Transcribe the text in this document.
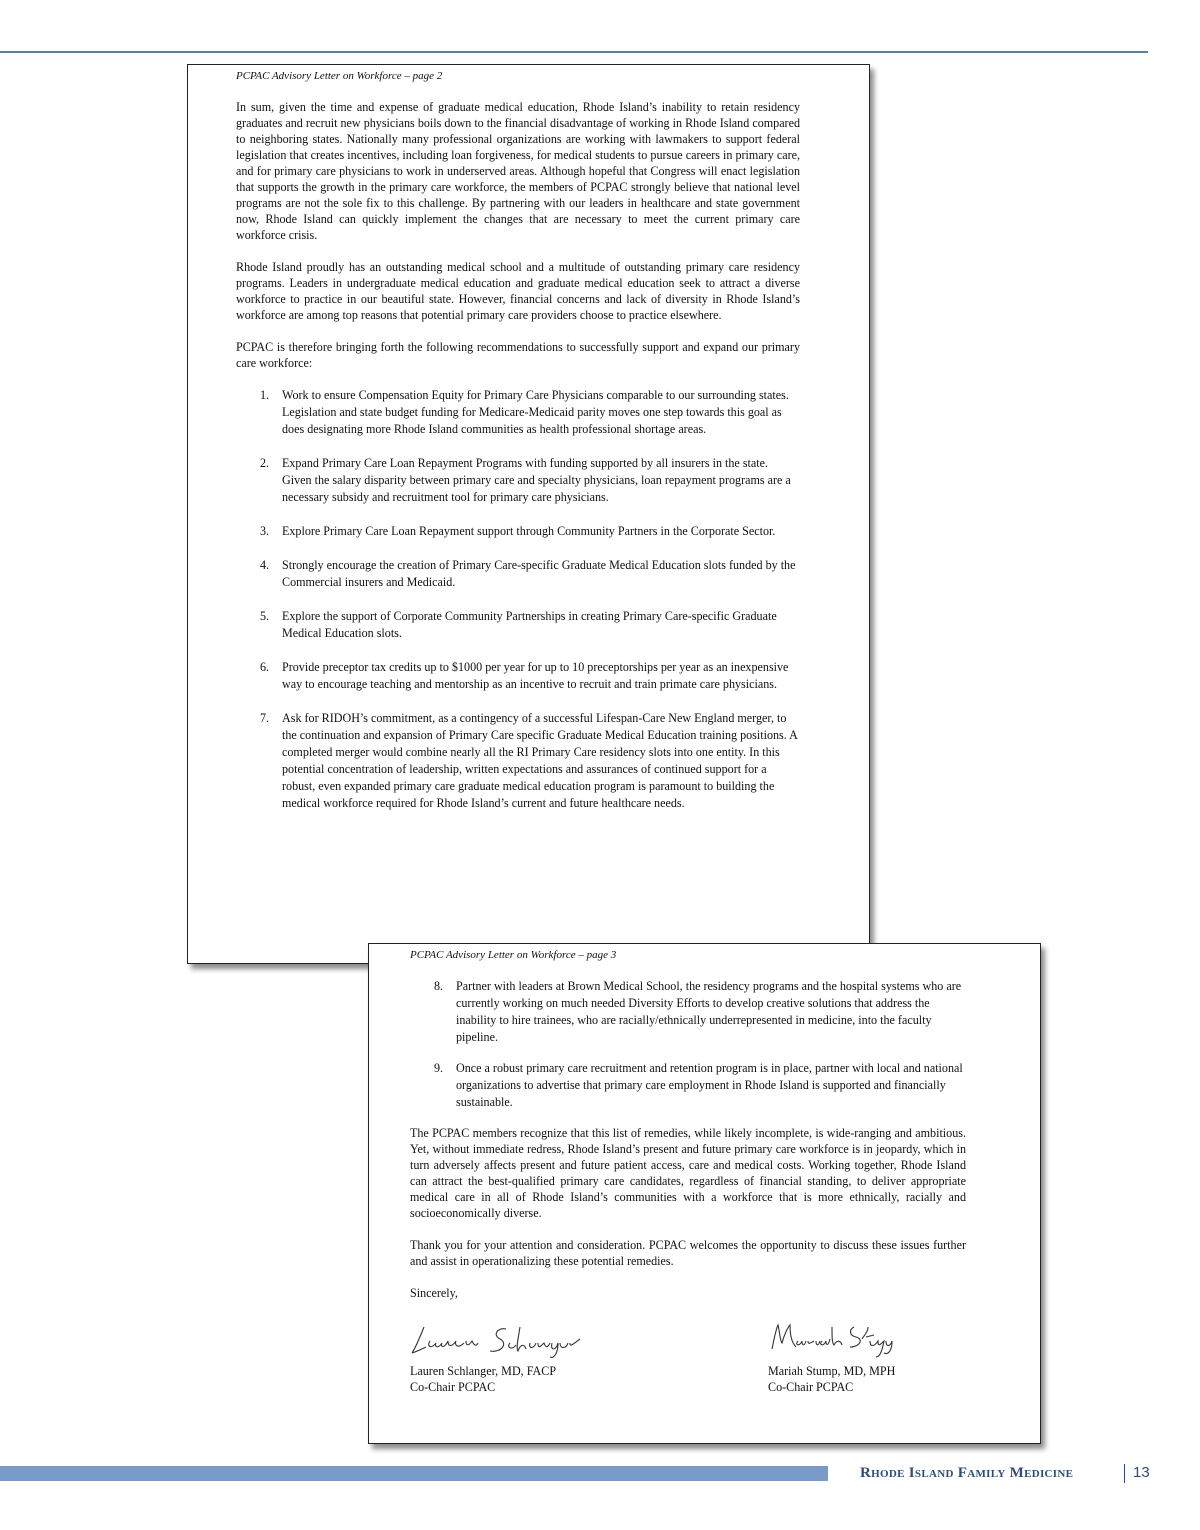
PCPAC Advisory Letter on Workforce – page 2

In sum, given the time and expense of graduate medical education, Rhode Island’s inability to retain residency graduates and recruit new physicians boils down to the financial disadvantage of working in Rhode Island compared to neighboring states. Nationally many professional organizations are working with lawmakers to support federal legislation that creates incentives, including loan forgiveness, for medical students to pursue careers in primary care, and for primary care physicians to work in underserved areas. Although hopeful that Congress will enact legislation that supports the growth in the primary care workforce, the members of PCPAC strongly believe that national level programs are not the sole fix to this challenge. By partnering with our leaders in healthcare and state government now, Rhode Island can quickly implement the changes that are necessary to meet the current primary care workforce crisis.

Rhode Island proudly has an outstanding medical school and a multitude of outstanding primary care residency programs. Leaders in undergraduate medical education and graduate medical education seek to attract a diverse workforce to practice in our beautiful state. However, financial concerns and lack of diversity in Rhode Island’s workforce are among top reasons that potential primary care providers choose to practice elsewhere.

PCPAC is therefore bringing forth the following recommendations to successfully support and expand our primary care workforce:

1. Work to ensure Compensation Equity for Primary Care Physicians comparable to our surrounding states. Legislation and state budget funding for Medicare-Medicaid parity moves one step towards this goal as does designating more Rhode Island communities as health professional shortage areas.
2. Expand Primary Care Loan Repayment Programs with funding supported by all insurers in the state. Given the salary disparity between primary care and specialty physicians, loan repayment programs are a necessary subsidy and recruitment tool for primary care physicians.
3. Explore Primary Care Loan Repayment support through Community Partners in the Corporate Sector.
4. Strongly encourage the creation of Primary Care-specific Graduate Medical Education slots funded by the Commercial insurers and Medicaid.
5. Explore the support of Corporate Community Partnerships in creating Primary Care-specific Graduate Medical Education slots.
6. Provide preceptor tax credits up to $1000 per year for up to 10 preceptorships per year as an inexpensive way to encourage teaching and mentorship as an incentive to recruit and train primate care physicians.
7. Ask for RIDOH’s commitment, as a contingency of a successful Lifespan-Care New England merger, to the continuation and expansion of Primary Care specific Graduate Medical Education training positions. A completed merger would combine nearly all the RI Primary Care residency slots into one entity. In this potential concentration of leadership, written expectations and assurances of continued support for a robust, even expanded primary care graduate medical education program is paramount to building the medical workforce required for Rhode Island’s current and future healthcare needs.
PCPAC Advisory Letter on Workforce – page 3
8. Partner with leaders at Brown Medical School, the residency programs and the hospital systems who are currently working on much needed Diversity Efforts to develop creative solutions that address the inability to hire trainees, who are racially/ethnically underrepresented in medicine, into the faculty pipeline.
9. Once a robust primary care recruitment and retention program is in place, partner with local and national organizations to advertise that primary care employment in Rhode Island is supported and financially sustainable.

The PCPAC members recognize that this list of remedies, while likely incomplete, is wide-ranging and ambitious. Yet, without immediate redress, Rhode Island’s present and future primary care workforce is in jeopardy, which in turn adversely affects present and future patient access, care and medical costs. Working together, Rhode Island can attract the best-qualified primary care candidates, regardless of financial standing, to deliver appropriate medical care in all of Rhode Island’s communities with a workforce that is more ethnically, racially and socioeconomically diverse.

Thank you for your attention and consideration. PCPAC welcomes the opportunity to discuss these issues further and assist in operationalizing these potential remedies.

Sincerely,

Lauren Schlanger, MD, FACP
Co-Chair PCPAC
Mariah Stump, MD, MPH
Co-Chair PCPAC
Rhode Island Family Medicine	13
